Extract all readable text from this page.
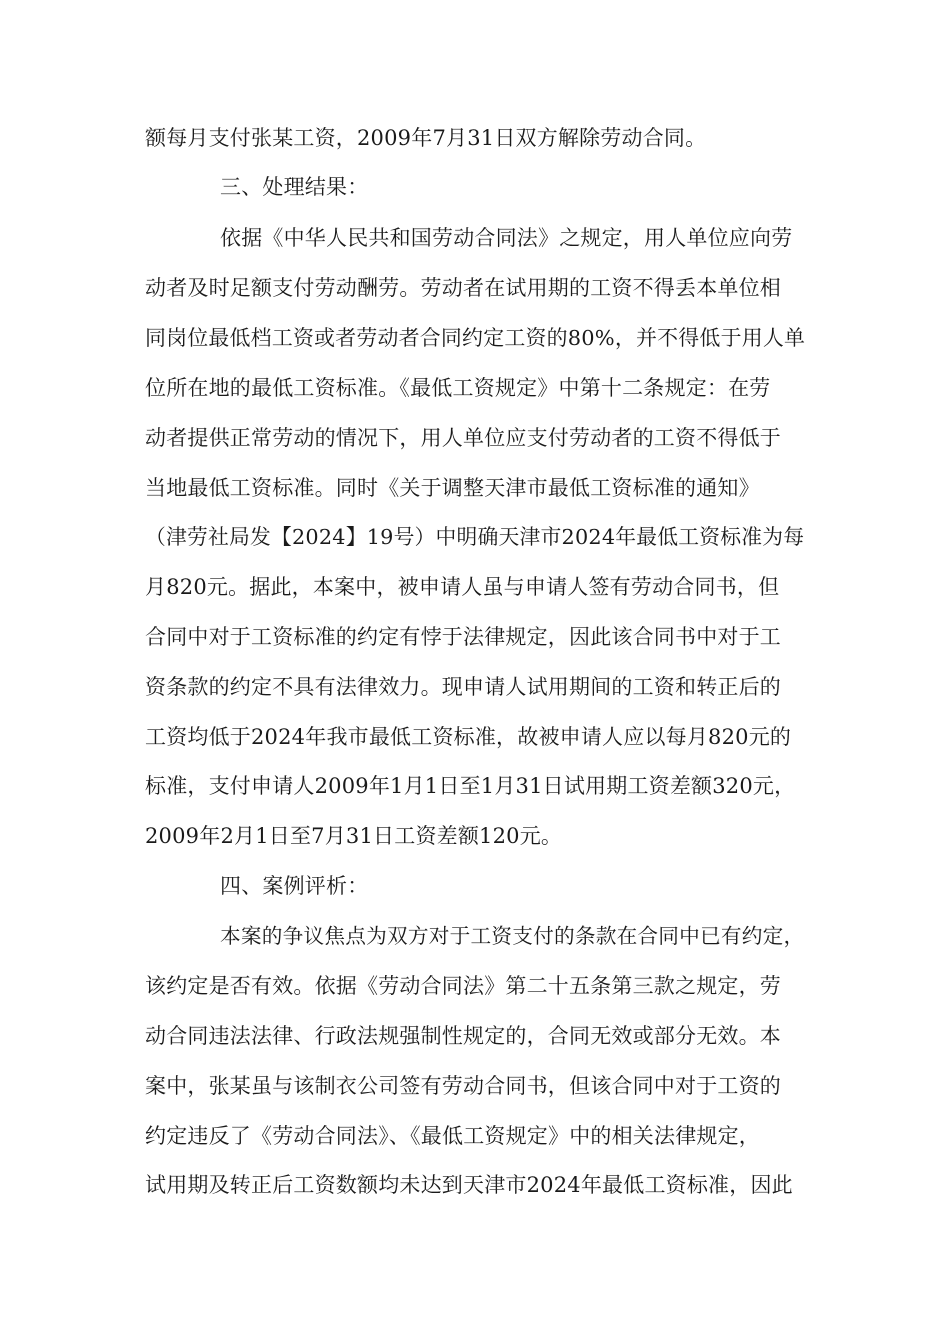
额每月支付张某工资，2009年7月31日双方解除劳动合同。
三、处理结果：
依据《中华人民共和国劳动合同法》之规定，用人单位应向劳
动者及时足额支付劳动酬劳。劳动者在试用期的工资不得丢本单位相
同岗位最低档工资或者劳动者合同约定工资的80%，并不得低于用人单
位所在地的最低工资标准。《最低工资规定》中第十二条规定：在劳
动者提供正常劳动的情况下，用人单位应支付劳动者的工资不得低于
当地最低工资标准。同时《关于调整天津市最低工资标准的通知》
（津劳社局发【2024】19号）中明确天津市2024年最低工资标准为每
月820元。据此，本案中，被申请人虽与申请人签有劳动合同书，但
合同中对于工资标准的约定有悖于法律规定，因此该合同书中对于工
资条款的约定不具有法律效力。现申请人试用期间的工资和转正后的
工资均低于2024年我市最低工资标准，故被申请人应以每月820元的
标准，支付申请人2009年1月1日至1月31日试用期工资差额320元，
2009年2月1日至7月31日工资差额120元。
四、案例评析：
本案的争议焦点为双方对于工资支付的条款在合同中已有约定，
该约定是否有效。依据《劳动合同法》第二十五条第三款之规定，劳
动合同违法法律、行政法规强制性规定的，合同无效或部分无效。本
案中，张某虽与该制衣公司签有劳动合同书，但该合同中对于工资的
约定违反了《劳动合同法》、《最低工资规定》中的相关法律规定，
试用期及转正后工资数额均未达到天津市2024年最低工资标准，因此
